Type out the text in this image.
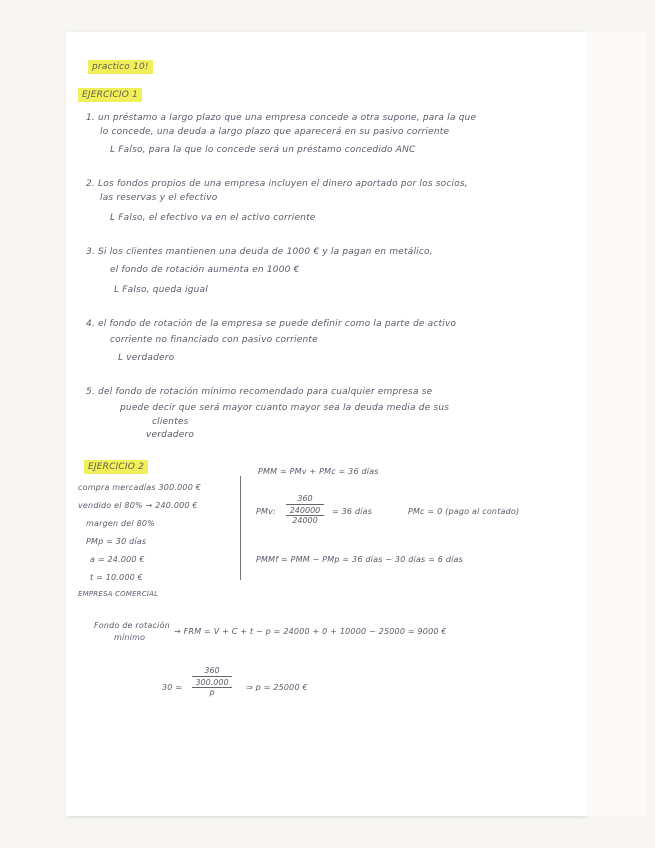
practico 10!
EJERCICIO 1
1. un préstamo a largo plazo que una empresa concede a otra supone, para la que
lo concede, una deuda a largo plazo que aparecerá en su pasivo corriente
L Falso, para la que lo concede será un préstamo concedido ANC
2. Los fondos propios de una empresa incluyen el dinero aportado por los socios,
las reservas y el efectivo
L Falso, el efectivo va en el activo corriente
3. Si los clientes mantienen una deuda de 1000 € y la pagan en metálico,
el fondo de rotación aumenta en 1000 €
L Falso, queda igual
4. el fondo de rotación de la empresa se puede definir como la parte de activo
corriente no financiado con pasivo corriente
L verdadero
5. del fondo de rotación mínimo recomendado para cualquier empresa se
puede decir que será mayor cuanto mayor sea la deuda media de sus
clientes
verdadero
EJERCICIO 2
compra mercadías 300.000 €
vendido el 80% → 240.000 €
margen del 80%
PMp = 30 días
a = 24.000 €
t = 10.000 €
EMPRESA COMERCIAL
PMM = PMv + PMc = 36 días
PMv:
360
240000
24000
= 36 días	PMc = 0 (pago al contado)
PMMf = PMM − PMp = 36 días − 30 días = 6 días
Fondo de rotación
mínimo
→ FRM = V + C + t − p = 24000 + 0 + 10000 − 25000 = 9000 €
30 =
360
300.000
p
⇒ p = 25000 €
